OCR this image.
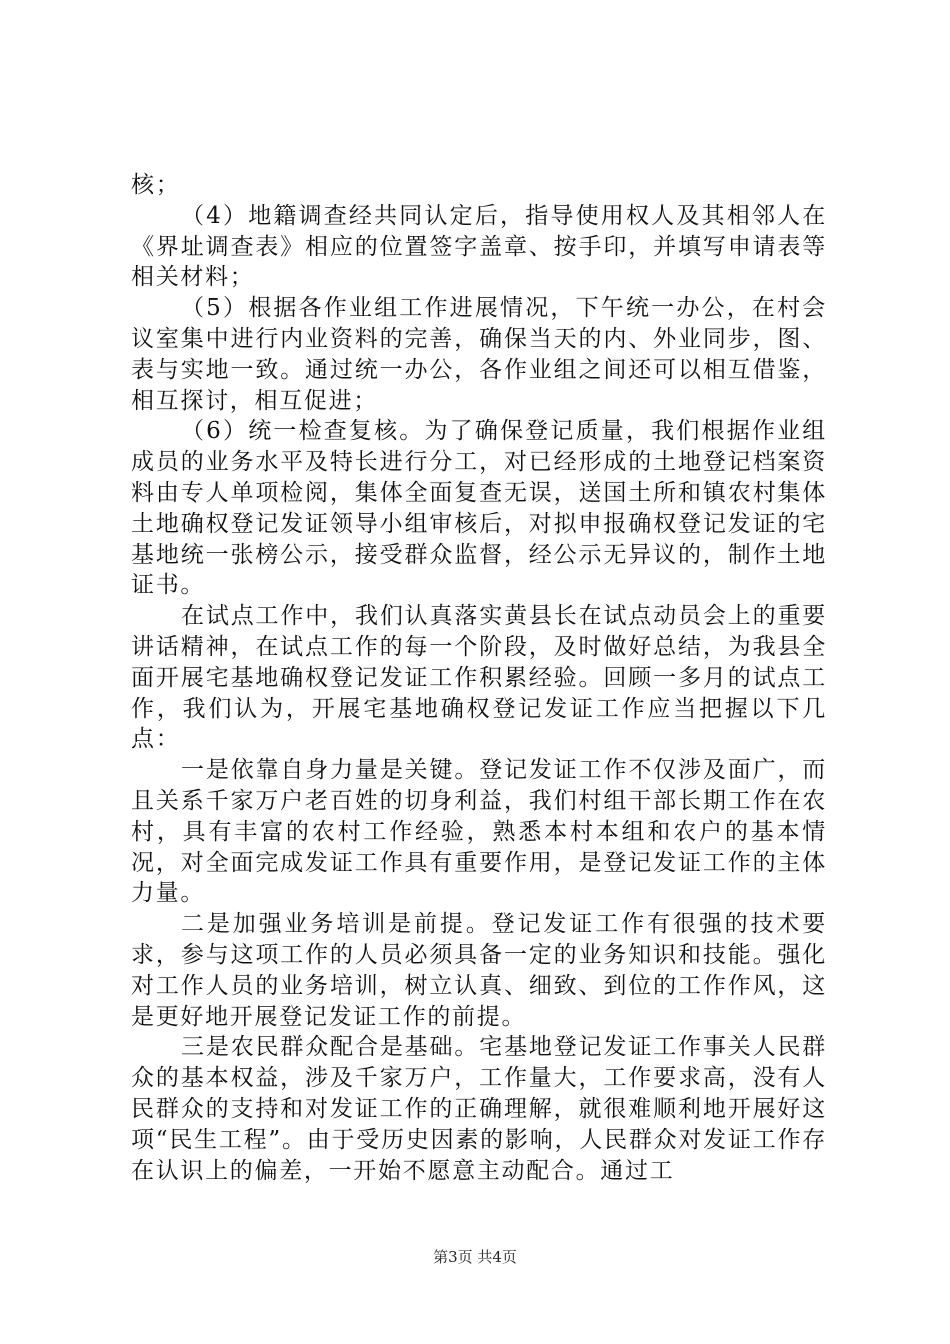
核；

（4）地籍调查经共同认定后，指导使用权人及其相邻人在《界址调查表》相应的位置签字盖章、按手印，并填写申请表等相关材料；

（5）根据各作业组工作进展情况，下午统一办公，在村会议室集中进行内业资料的完善，确保当天的内、外业同步，图、表与实地一致。通过统一办公，各作业组之间还可以相互借鉴，相互探讨，相互促进；

（6）统一检查复核。为了确保登记质量，我们根据作业组成员的业务水平及特长进行分工，对已经形成的土地登记档案资料由专人单项检阅，集体全面复查无误，送国土所和镇农村集体土地确权登记发证领导小组审核后，对拟申报确权登记发证的宅基地统一张榜公示，接受群众监督，经公示无异议的，制作土地证书。

在试点工作中，我们认真落实黄县长在试点动员会上的重要讲话精神，在试点工作的每一个阶段，及时做好总结，为我县全面开展宅基地确权登记发证工作积累经验。回顾一多月的试点工作，我们认为，开展宅基地确权登记发证工作应当把握以下几点：

一是依靠自身力量是关键。登记发证工作不仅涉及面广，而且关系千家万户老百姓的切身利益，我们村组干部长期工作在农村，具有丰富的农村工作经验，熟悉本村本组和农户的基本情况，对全面完成发证工作具有重要作用，是登记发证工作的主体力量。

二是加强业务培训是前提。登记发证工作有很强的技术要求，参与这项工作的人员必须具备一定的业务知识和技能。强化对工作人员的业务培训，树立认真、细致、到位的工作作风，这是更好地开展登记发证工作的前提。

三是农民群众配合是基础。宅基地登记发证工作事关人民群众的基本权益，涉及千家万户，工作量大，工作要求高，没有人民群众的支持和对发证工作的正确理解，就很难顺利地开展好这项“民生工程”。由于受历史因素的影响，人民群众对发证工作存在认识上的偏差，一开始不愿意主动配合。通过工

第3页 共4页
